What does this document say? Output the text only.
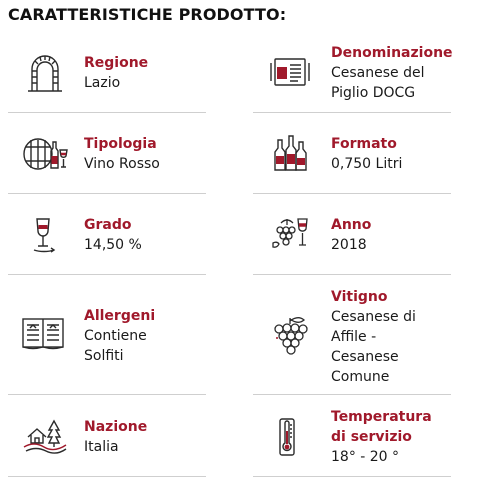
CARATTERISTICHE PRODOTTO:
Regione
Lazio
Denominazione
Cesanese del
Piglio DOCG
Tipologia
Vino Rosso
Formato
0,750 Litri
Grado
14,50 %
Anno
2018
Allergeni
Contiene
Solfiti
Vitigno
Cesanese di
Affile -
Cesanese
Comune
Nazione
Italia
Temperatura
di servizio
18° - 20 °
